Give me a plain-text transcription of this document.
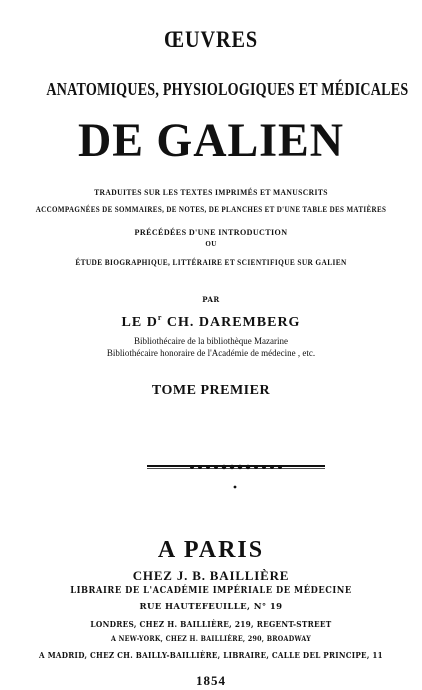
ŒUVRES
ANATOMIQUES, PHYSIOLOGIQUES ET MÉDICALES
DE GALIEN
TRADUITES SUR LES TEXTES IMPRIMÉS ET MANUSCRITS
ACCOMPAGNÉES DE SOMMAIRES, DE NOTES, DE PLANCHES ET D'UNE TABLE DES MATIÈRES
PRÉCÉDÉES D'UNE INTRODUCTION
OU
ÉTUDE BIOGRAPHIQUE, LITTÉRAIRE ET SCIENTIFIQUE SUR GALIEN
PAR
LE $D^r$ CH. DAREMBERG
Bibliothécaire de la bibliothèque Mazarine
Bibliothécaire honoraire de l'Académie de médecine , etc.
TOME PREMIER
A PARIS
CHEZ J. B. BAILLIÈRE
LIBRAIRE DE L'ACADÉMIE IMPÉRIALE DE MÉDECINE
RUE HAUTEFEUILLE, N° 19
LONDRES, CHEZ H. BAILLIÈRE, 219, REGENT-STREET
A NEW-YORK, CHEZ H. BAILLIÈRE, 290, BROADWAY
A MADRID, CHEZ CH. BAILLY-BAILLIÈRE, LIBRAIRE, CALLE DEL PRINCIPE, 11
1854
